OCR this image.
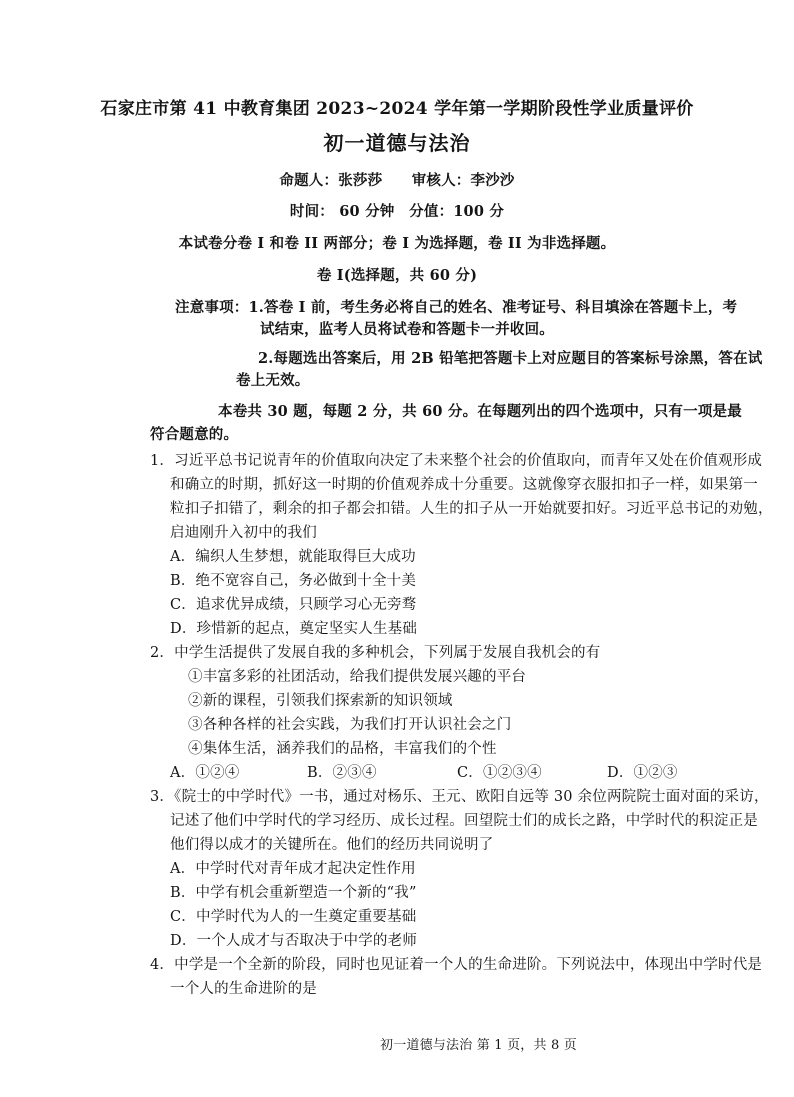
石家庄市第 41 中教育集团 2023~2024 学年第一学期阶段性学业质量评价
初一道德与法治
命题人：张莎莎　　审核人：李沙沙
时间： 60 分钟　分值：100 分
本试卷分卷 I 和卷 II 两部分；卷 I 为选择题，卷 II 为非选择题。
卷 I(选择题，共 60 分)
注意事项：1.答卷 I 前，考生务必将自己的姓名、准考证号、科目填涂在答题卡上，考
试结束，监考人员将试卷和答题卡一并收回。
2.每题选出答案后，用 2B 铅笔把答题卡上对应题目的答案标号涂黑，答在试
卷上无效。
本卷共 30 题，每题 2 分，共 60 分。在每题列出的四个选项中，只有一项是最
符合题意的。
1．习近平总书记说青年的价值取向决定了未来整个社会的价值取向，而青年又处在价值观形成
和确立的时期，抓好这一时期的价值观养成十分重要。这就像穿衣服扣扣子一样，如果第一
粒扣子扣错了，剩余的扣子都会扣错。人生的扣子从一开始就要扣好。习近平总书记的劝勉，
启迪刚升入初中的我们
A．编织人生梦想，就能取得巨大成功
B．绝不宽容自己，务必做到十全十美
C．追求优异成绩，只顾学习心无旁骛
D．珍惜新的起点，奠定坚实人生基础
2．中学生活提供了发展自我的多种机会，下列属于发展自我机会的有
①丰富多彩的社团活动，给我们提供发展兴趣的平台
②新的课程，引领我们探索新的知识领域
③各种各样的社会实践，为我们打开认识社会之门
④集体生活，涵养我们的品格，丰富我们的个性
A．①②④	B．②③④	C．①②③④	D．①②③
3．《院士的中学时代》一书，通过对杨乐、王元、欧阳自远等 30 余位两院院士面对面的采访，
记述了他们中学时代的学习经历、成长过程。回望院士们的成长之路，中学时代的积淀正是
他们得以成才的关键所在。他们的经历共同说明了
A．中学时代对青年成才起决定性作用
B．中学有机会重新塑造一个新的“我”
C．中学时代为人的一生奠定重要基础
D．一个人成才与否取决于中学的老师
4．中学是一个全新的阶段，同时也见证着一个人的生命进阶。下列说法中，体现出中学时代是
一个人的生命进阶的是
初一道德与法治 第 1 页，共 8 页
